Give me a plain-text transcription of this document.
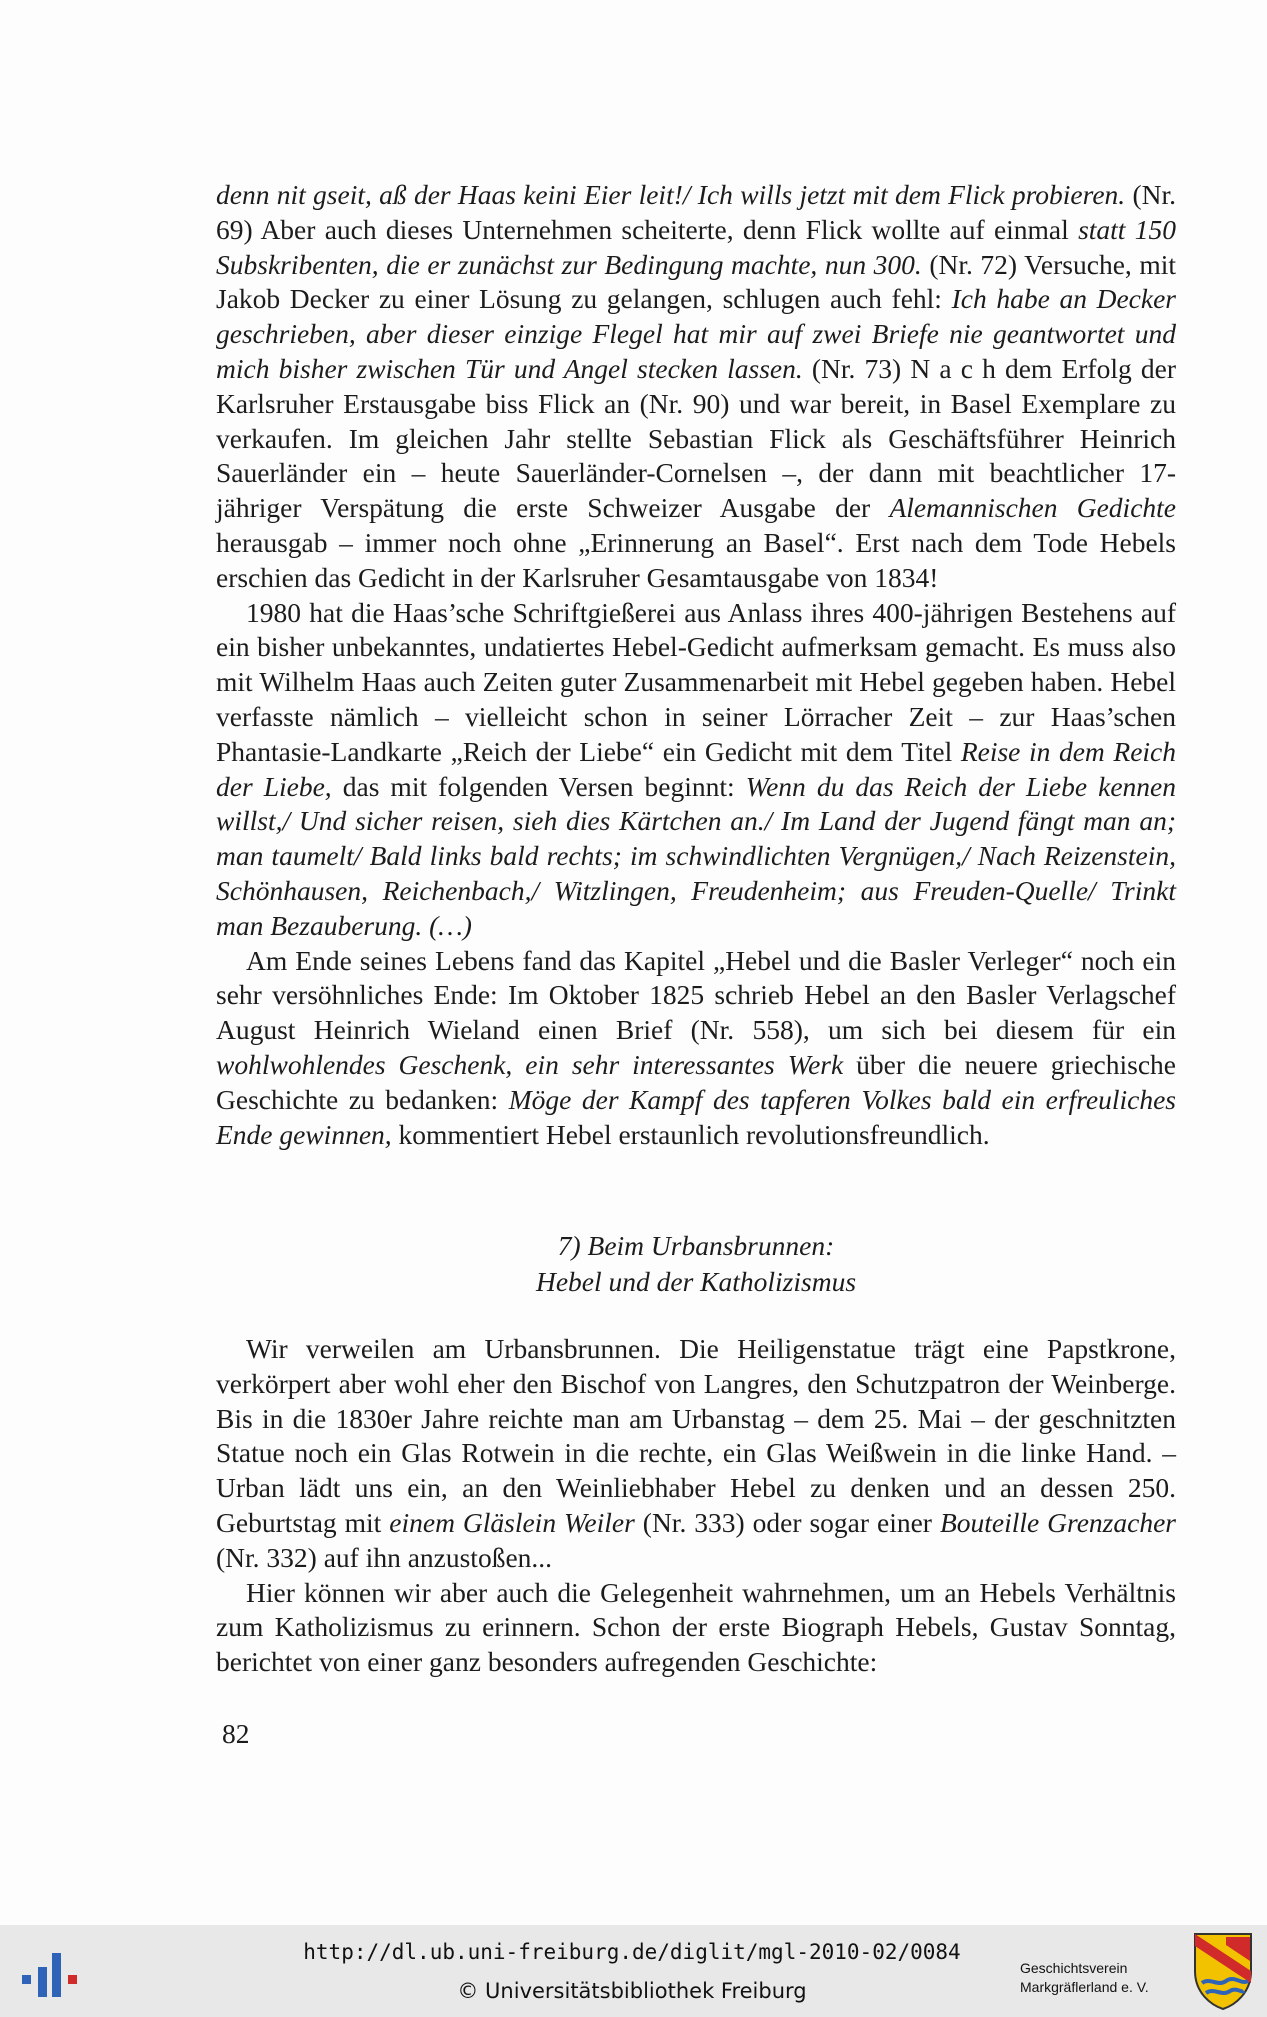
denn nit gseit, aß der Haas keini Eier leit!/ Ich wills jetzt mit dem Flick probieren. (Nr. 69) Aber auch dieses Unternehmen scheiterte, denn Flick wollte auf einmal statt 150 Subskribenten, die er zunächst zur Bedingung machte, nun 300. (Nr. 72) Versuche, mit Jakob Decker zu einer Lösung zu gelangen, schlugen auch fehl: Ich habe an Decker geschrieben, aber dieser einzige Flegel hat mir auf zwei Briefe nie geantwortet und mich bisher zwischen Tür und Angel stecken lassen. (Nr. 73) N a c h dem Erfolg der Karlsruher Erstausgabe biss Flick an (Nr. 90) und war bereit, in Basel Exemplare zu verkaufen. Im gleichen Jahr stellte Sebastian Flick als Geschäftsführer Heinrich Sauerländer ein – heute Sauerländer-Cornelsen –, der dann mit beachtlicher 17-jähriger Verspätung die erste Schweizer Ausgabe der Alemannischen Gedichte herausgab – immer noch ohne „Erinnerung an Basel“. Erst nach dem Tode Hebels erschien das Gedicht in der Karlsruher Gesamtausgabe von 1834!

1980 hat die Haas’sche Schriftgießerei aus Anlass ihres 400-jährigen Bestehens auf ein bisher unbekanntes, undatiertes Hebel-Gedicht aufmerksam gemacht. Es muss also mit Wilhelm Haas auch Zeiten guter Zusammenarbeit mit Hebel gegeben haben. Hebel verfasste nämlich – vielleicht schon in seiner Lörracher Zeit – zur Haas’schen Phantasie-Landkarte „Reich der Liebe“ ein Gedicht mit dem Titel Reise in dem Reich der Liebe, das mit folgenden Versen beginnt: Wenn du das Reich der Liebe kennen willst,/ Und sicher reisen, sieh dies Kärtchen an./ Im Land der Jugend fängt man an; man taumelt/ Bald links bald rechts; im schwindlichten Vergnügen,/ Nach Reizenstein, Schönhausen, Reichenbach,/ Witzlingen, Freudenheim; aus Freuden-Quelle/ Trinkt man Bezauberung. (…)

Am Ende seines Lebens fand das Kapitel „Hebel und die Basler Verleger“ noch ein sehr versöhnliches Ende: Im Oktober 1825 schrieb Hebel an den Basler Verlagschef August Heinrich Wieland einen Brief (Nr. 558), um sich bei diesem für ein wohlwohlendes Geschenk, ein sehr interessantes Werk über die neuere griechische Geschichte zu bedanken: Möge der Kampf des tapferen Volkes bald ein erfreuliches Ende gewinnen, kommentiert Hebel erstaunlich revolutionsfreundlich.

7) Beim Urbansbrunnen:
Hebel und der Katholizismus

Wir verweilen am Urbansbrunnen. Die Heiligenstatue trägt eine Papstkrone, verkörpert aber wohl eher den Bischof von Langres, den Schutzpatron der Weinberge. Bis in die 1830er Jahre reichte man am Urbanstag – dem 25. Mai – der geschnitzten Statue noch ein Glas Rotwein in die rechte, ein Glas Weißwein in die linke Hand. – Urban lädt uns ein, an den Weinliebhaber Hebel zu denken und an dessen 250. Geburtstag mit einem Gläslein Weiler (Nr. 333) oder sogar einer Bouteille Grenzacher (Nr. 332) auf ihn anzustoßen...

Hier können wir aber auch die Gelegenheit wahrnehmen, um an Hebels Verhältnis zum Katholizismus zu erinnern. Schon der erste Biograph Hebels, Gustav Sonntag, berichtet von einer ganz besonders aufregenden Geschichte:

82
http://dl.ub.uni-freiburg.de/diglit/mgl-2010-02/0084
© Universitätsbibliothek Freiburg
Geschichtsverein
Markgräflerland e. V.
